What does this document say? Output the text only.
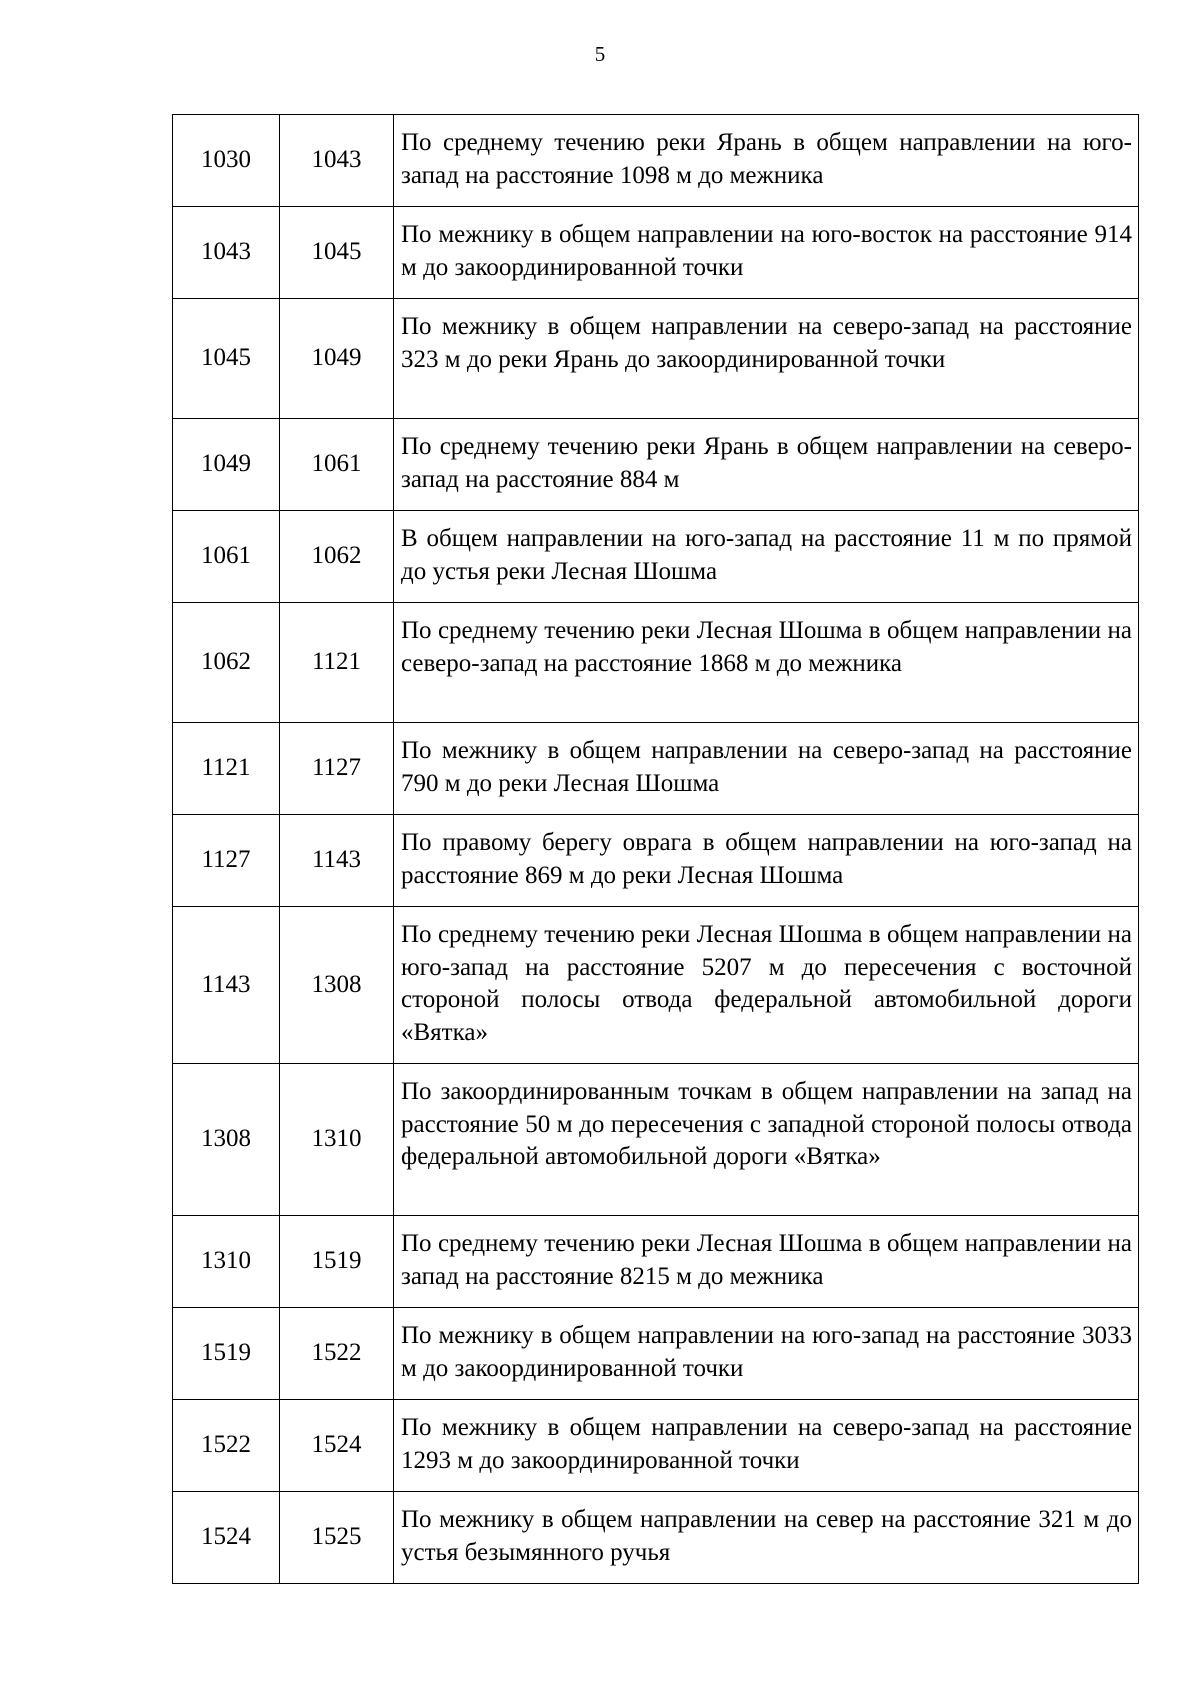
5
1030	1043	По среднему течению реки Ярань в общем направлении на юго-запад на расстояние 1098 м до межника
1043	1045	По межнику в общем направлении на юго-восток на расстояние 914 м до закоординированной точки
1045	1049	По межнику в общем направлении на северо-запад на расстояние 323 м до реки Ярань до закоординированной точки
1049	1061	По среднему течению реки Ярань в общем направлении на северо-запад на расстояние 884 м
1061	1062	В общем направлении на юго-запад на расстояние 11 м по прямой до устья реки Лесная Шошма
1062	1121	По среднему течению реки Лесная Шошма в общем направлении на северо-запад на расстояние 1868 м до межника
1121	1127	По межнику в общем направлении на северо-запад на расстояние 790 м до реки Лесная Шошма
1127	1143	По правому берегу оврага в общем направлении на юго-запад на расстояние 869 м до реки Лесная Шошма
1143	1308	По среднему течению реки Лесная Шошма в общем направлении на юго-запад на расстояние 5207 м до пересечения с восточной стороной полосы отвода федеральной автомобильной дороги «Вятка»
1308	1310	По закоординированным точкам в общем направлении на запад на расстояние 50 м до пересечения с западной стороной полосы отвода федеральной автомобильной дороги «Вятка»
1310	1519	По среднему течению реки Лесная Шошма в общем направлении на запад на расстояние 8215 м до межника
1519	1522	По межнику в общем направлении на юго-запад на расстояние 3033 м до закоординированной точки
1522	1524	По межнику в общем направлении на северо-запад на расстояние 1293 м до закоординированной точки
1524	1525	По межнику в общем направлении на север на расстояние 321 м до устья безымянного ручья
